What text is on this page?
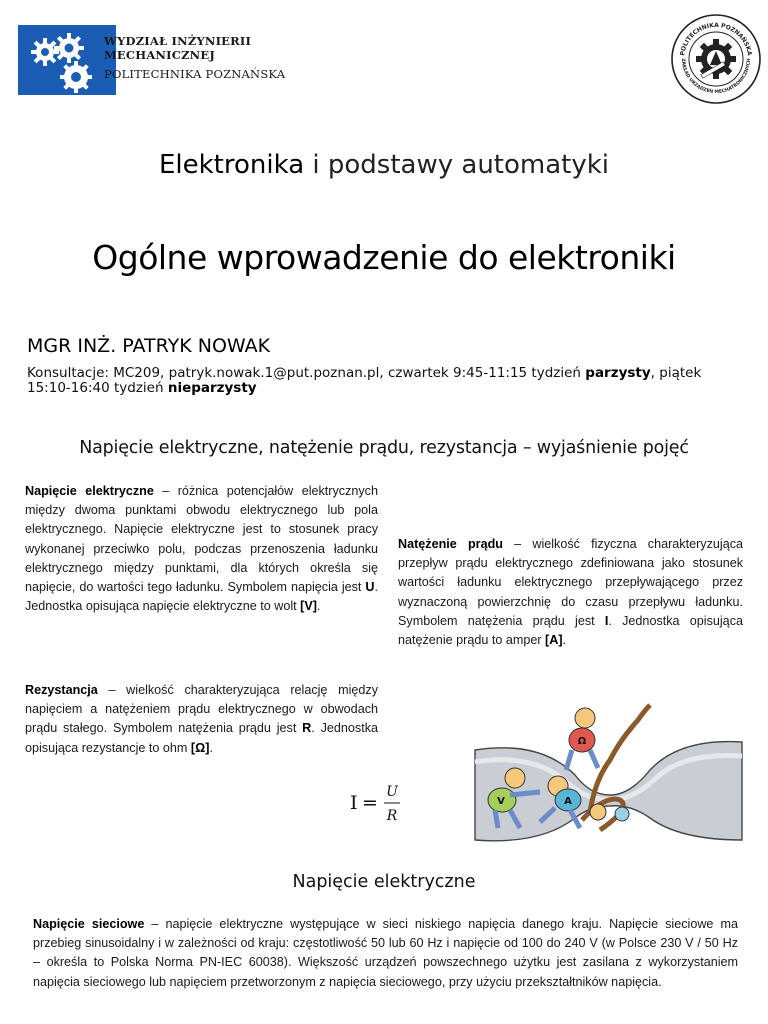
WYDZIAŁ INŻYNIERII
MECHANICZNEJ
POLITECHNIKA POZNAŃSKA
POLITECHNIKA POZNAŃSKA
ZAKŁAD URZĄDZEŃ MECHATRONICZNYCH
Elektronika i podstawy automatyki
Ogólne wprowadzenie do elektroniki
MGR INŻ. PATRYK NOWAK
Konsultacje: MC209, patryk.nowak.1@put.poznan.pl, czwartek 9:45-11:15 tydzień parzysty, piątek 15:10-16:40 tydzień nieparzysty
Napięcie elektryczne, natężenie prądu, rezystancja – wyjaśnienie pojęć
Napięcie elektryczne – różnica potencjałów elektrycznych między dwoma punktami obwodu elektrycznego lub pola elektrycznego. Napięcie elektryczne jest to stosunek pracy wykonanej przeciwko polu, podczas przenoszenia ładunku elektrycznego między punktami, dla których określa się napięcie, do wartości tego ładunku. Symbolem napięcia jest U. Jednostka opisująca napięcie elektryczne to wolt [V].
Natężenie prądu – wielkość fizyczna charakteryzująca przepływ prądu elektrycznego zdefiniowana jako stosunek wartości ładunku elektrycznego przepływającego przez wyznaczoną powierzchnię do czasu przepływu ładunku. Symbolem natężenia prądu jest I. Jednostka opisująca natężenie prądu to amper [A].
Rezystancja – wielkość charakteryzująca relację między napięciem a natężeniem prądu elektrycznego w obwodach prądu stałego. Symbolem natężenia prądu jest R. Jednostka opisująca rezystancje to ohm [Ω].
I = U
R
Ω
V	A
Napięcie elektryczne
Napięcie sieciowe – napięcie elektryczne występujące w sieci niskiego napięcia danego kraju. Napięcie sieciowe ma przebieg sinusoidalny i w zależności od kraju: częstotliwość 50 lub 60 Hz i napięcie od 100 do 240 V (w Polsce 230 V / 50 Hz – określa to Polska Norma PN-IEC 60038). Większość urządzeń powszechnego użytku jest zasilana z wykorzystaniem napięcia sieciowego lub napięciem przetworzonym z napięcia sieciowego, przy użyciu przekształtników napięcia.
